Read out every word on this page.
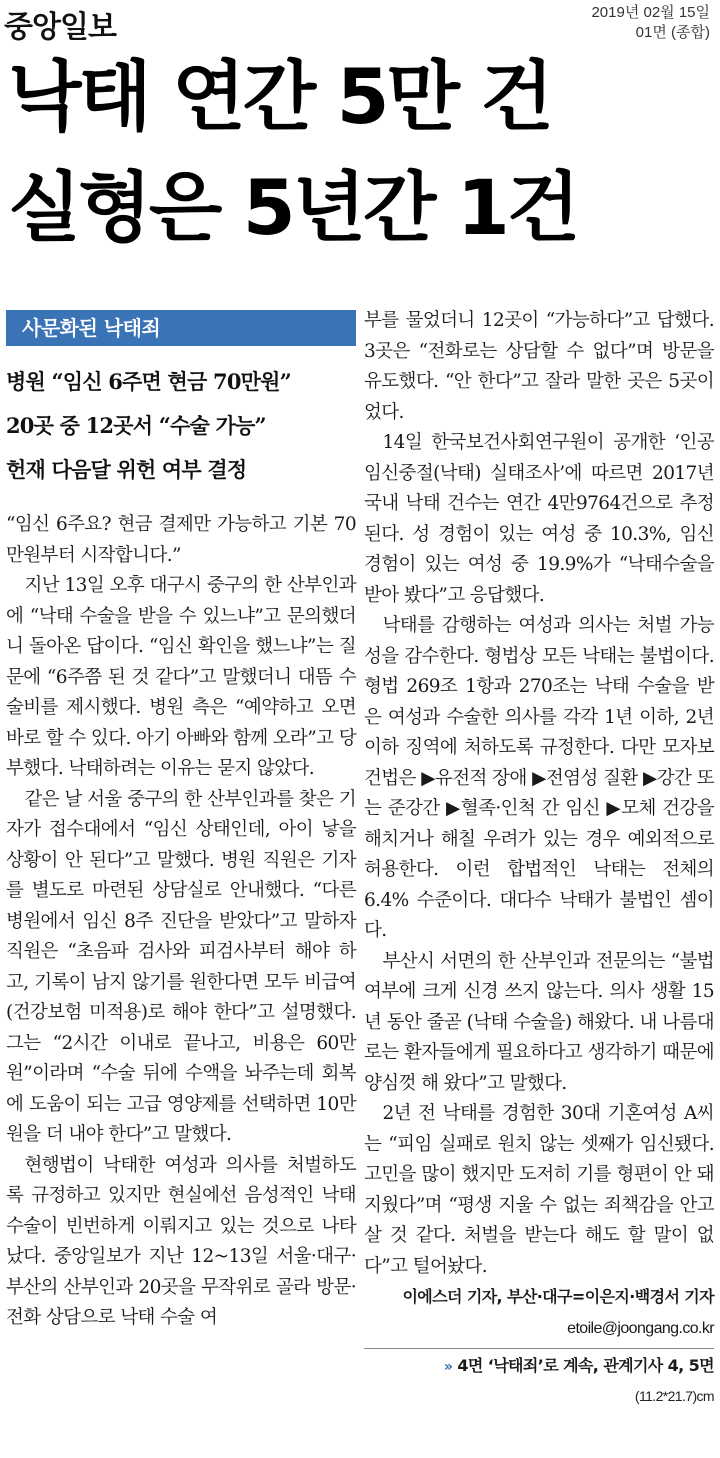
중앙일보	2019년 02월 15일
01면 (종합)
낙태 연간 5만 건
실형은 5년간 1건
사문화된 낙태죄
병원 “임신 6주면 현금 70만원”
20곳 중 12곳서 “수술 가능”
헌재 다음달 위헌 여부 결정

“임신 6주요? 현금 결제만 가능하고 기본 70만원부터 시작합니다.”

지난 13일 오후 대구시 중구의 한 산부인과에 “낙태 수술을 받을 수 있느냐”고 문의했더니 돌아온 답이다. “임신 확인을 했느냐”는 질문에 “6주쯤 된 것 같다”고 말했더니 대뜸 수술비를 제시했다. 병원 측은 “예약하고 오면 바로 할 수 있다. 아기 아빠와 함께 오라”고 당부했다. 낙태하려는 이유는 묻지 않았다.

같은 날 서울 중구의 한 산부인과를 찾은 기자가 접수대에서 “임신 상태인데, 아이 낳을 상황이 안 된다”고 말했다. 병원 직원은 기자를 별도로 마련된 상담실로 안내했다. “다른 병원에서 임신 8주 진단을 받았다”고 말하자 직원은 “초음파 검사와 피검사부터 해야 하고, 기록이 남지 않기를 원한다면 모두 비급여(건강보험 미적용)로 해야 한다”고 설명했다. 그는 “2시간 이내로 끝나고, 비용은 60만원”이라며 “수술 뒤에 수액을 놔주는데 회복에 도움이 되는 고급 영양제를 선택하면 10만원을 더 내야 한다”고 말했다.

현행법이 낙태한 여성과 의사를 처벌하도록 규정하고 있지만 현실에선 음성적인 낙태 수술이 빈번하게 이뤄지고 있는 것으로 나타났다. 중앙일보가 지난 12~13일 서울·대구·부산의 산부인과 20곳을 무작위로 골라 방문·전화 상담으로 낙태 수술 여

부를 물었더니 12곳이 “가능하다”고 답했다. 3곳은 “전화로는 상담할 수 없다”며 방문을 유도했다. “안 한다”고 잘라 말한 곳은 5곳이었다.

14일 한국보건사회연구원이 공개한 ‘인공임신중절(낙태) 실태조사’에 따르면 2017년 국내 낙태 건수는 연간 4만9764건으로 추정된다. 성 경험이 있는 여성 중 10.3%, 임신 경험이 있는 여성 중 19.9%가 “낙태수술을 받아 봤다”고 응답했다.

낙태를 감행하는 여성과 의사는 처벌 가능성을 감수한다. 형법상 모든 낙태는 불법이다. 형법 269조 1항과 270조는 낙태 수술을 받은 여성과 수술한 의사를 각각 1년 이하, 2년 이하 징역에 처하도록 규정한다. 다만 모자보건법은 ▶유전적 장애 ▶전염성 질환 ▶강간 또는 준강간 ▶혈족·인척 간 임신 ▶모체 건강을 해치거나 해칠 우려가 있는 경우 예외적으로 허용한다. 이런 합법적인 낙태는 전체의 6.4% 수준이다. 대다수 낙태가 불법인 셈이다.

부산시 서면의 한 산부인과 전문의는 “불법 여부에 크게 신경 쓰지 않는다. 의사 생활 15년 동안 줄곧 (낙태 수술을) 해왔다. 내 나름대로는 환자들에게 필요하다고 생각하기 때문에 양심껏 해 왔다”고 말했다.

2년 전 낙태를 경험한 30대 기혼여성 A씨는 “피임 실패로 원치 않는 셋째가 임신됐다. 고민을 많이 했지만 도저히 기를 형편이 안 돼 지웠다”며 “평생 지울 수 없는 죄책감을 안고 살 것 같다. 처벌을 받는다 해도 할 말이 없다”고 털어놨다.

이에스더 기자, 부산·대구=이은지·백경서 기자
etoile@joongang.co.kr
» 4면 ‘낙태죄’로 계속, 관계기사 4, 5면
(11.2*21.7)cm
